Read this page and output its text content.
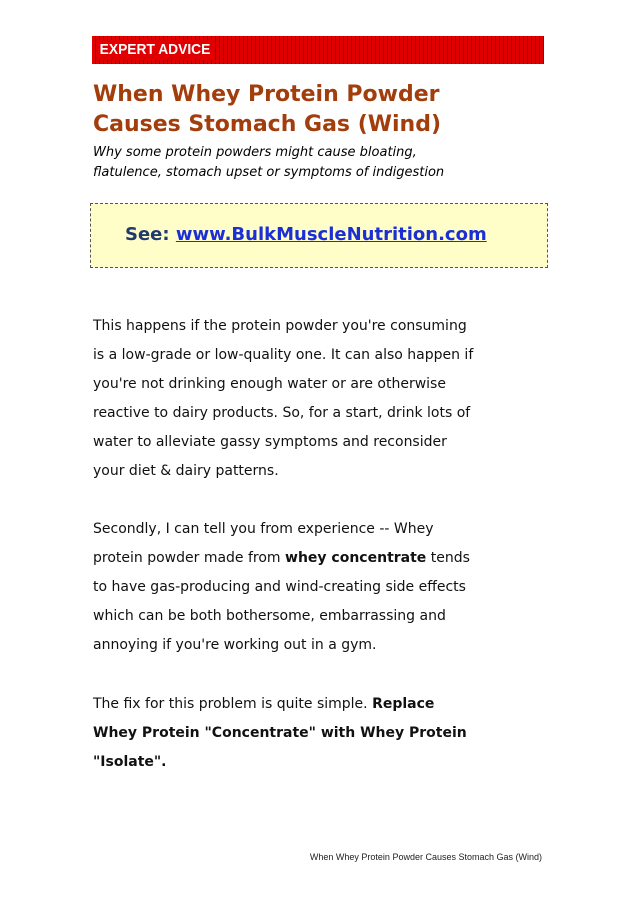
EXPERT ADVICE
When Whey Protein Powder
Causes Stomach Gas (Wind)

Why some protein powders might cause bloating,
flatulence, stomach upset or symptoms of indigestion

See: www.BulkMuscleNutrition.com
This happens if the protein powder you're consuming
is a low-grade or low-quality one. It can also happen if
you're not drinking enough water or are otherwise
reactive to dairy products. So, for a start, drink lots of
water to alleviate gassy symptoms and reconsider
your diet & dairy patterns.
Secondly, I can tell you from experience -- Whey
protein powder made from whey concentrate tends
to have gas-producing and wind-creating side effects
which can be both bothersome, embarrassing and
annoying if you're working out in a gym.
The fix for this problem is quite simple. Replace
Whey Protein "Concentrate" with Whey Protein
"Isolate".
When Whey Protein Powder Causes Stomach Gas (Wind)
